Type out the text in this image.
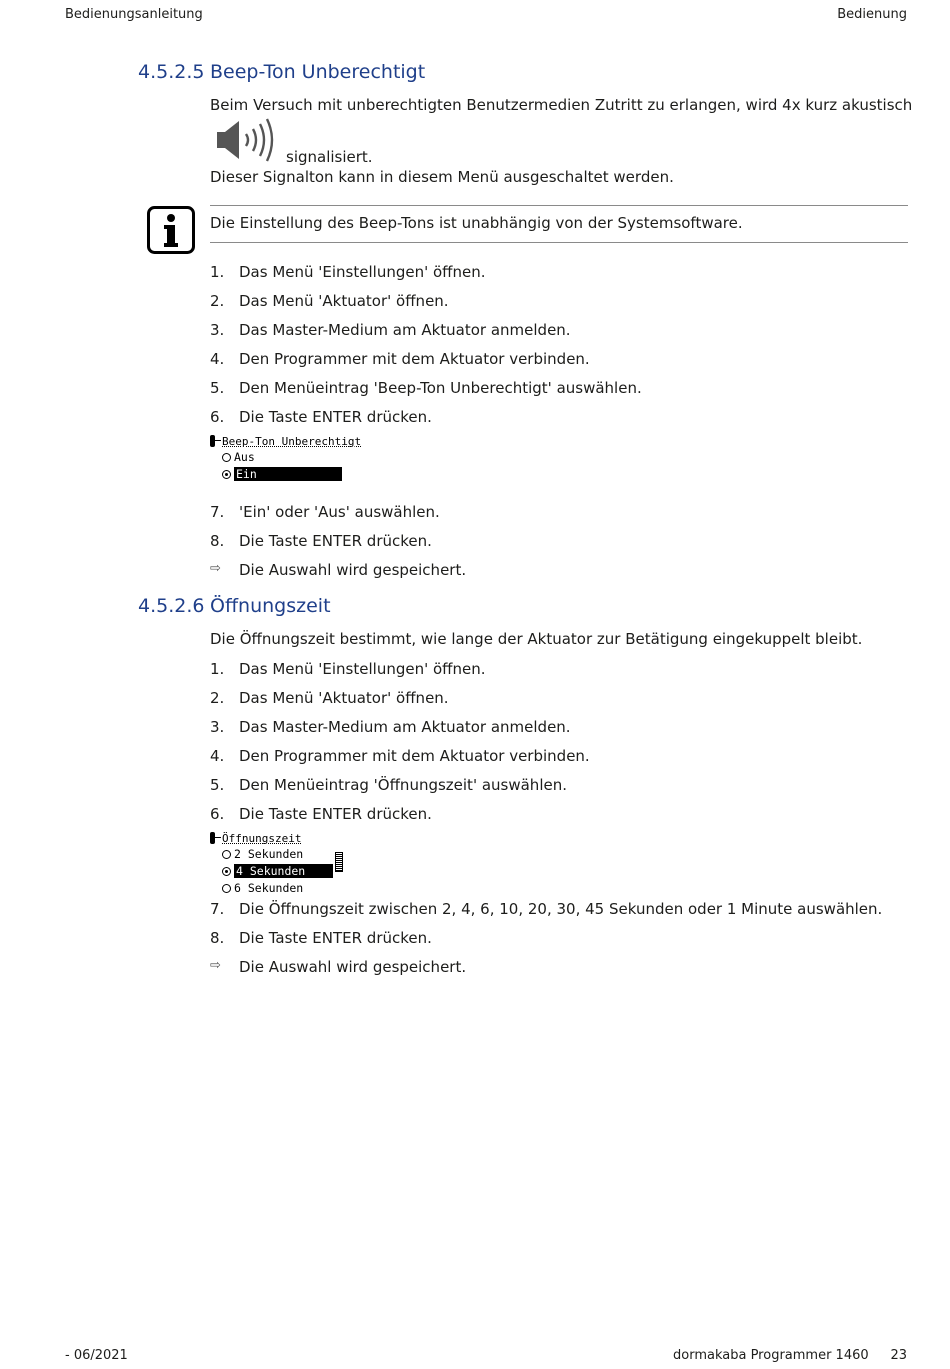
Bedienungsanleitung	Bedienung
4.5.2.5 Beep-Ton Unberechtigt
Beim Versuch mit unberechtigten Benutzermedien Zutritt zu erlangen, wird 4x kurz akustisch
signalisiert.
Dieser Signalton kann in diesem Menü ausgeschaltet werden.
Die Einstellung des Beep-Tons ist unabhängig von der Systemsoftware.
1. Das Menü 'Einstellungen' öffnen.
2. Das Menü 'Aktuator' öffnen.
3. Das Master-Medium am Aktuator anmelden.
4. Den Programmer mit dem Aktuator verbinden.
5. Den Menüeintrag 'Beep-Ton Unberechtigt' auswählen.
6. Die Taste ENTER drücken.
Beep-Ton Unberechtigt
Aus
Ein
7. 'Ein' oder 'Aus' auswählen.
8. Die Taste ENTER drücken.
⇨ Die Auswahl wird gespeichert.
4.5.2.6 Öffnungszeit
Die Öffnungszeit bestimmt, wie lange der Aktuator zur Betätigung eingekuppelt bleibt.
1. Das Menü 'Einstellungen' öffnen.
2. Das Menü 'Aktuator' öffnen.
3. Das Master-Medium am Aktuator anmelden.
4. Den Programmer mit dem Aktuator verbinden.
5. Den Menüeintrag 'Öffnungszeit' auswählen.
6. Die Taste ENTER drücken.
Öffnungszeit
2 Sekunden
4 Sekunden
6 Sekunden
7. Die Öffnungszeit zwischen 2, 4, 6, 10, 20, 30, 45 Sekunden oder 1 Minute auswählen.
8. Die Taste ENTER drücken.
⇨ Die Auswahl wird gespeichert.
- 06/2021	dormakaba Programmer 1460 23
